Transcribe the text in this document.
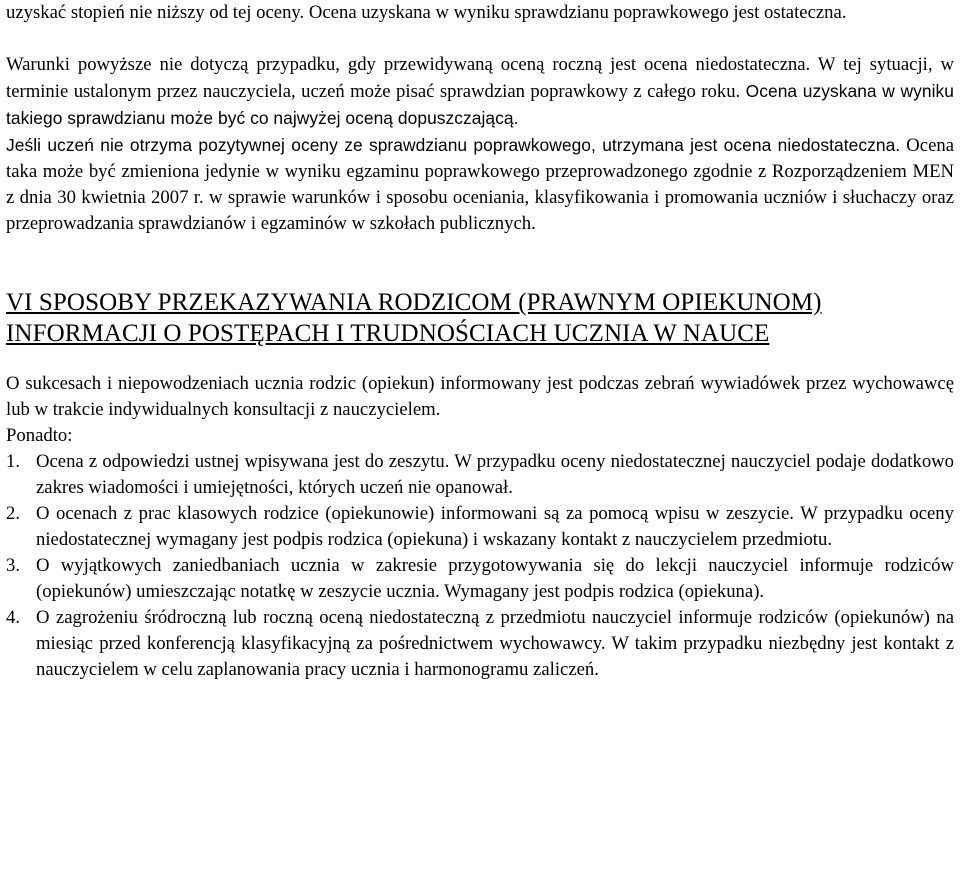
uzyskać stopień nie niższy od tej oceny. Ocena uzyskana w wyniku sprawdzianu poprawkowego jest ostateczna.

Warunki powyższe nie dotyczą przypadku, gdy przewidywaną oceną roczną jest ocena niedostateczna. W tej sytuacji, w terminie ustalonym przez nauczyciela, uczeń może pisać sprawdzian poprawkowy z całego roku. Ocena uzyskana w wyniku takiego sprawdzianu może być co najwyżej oceną dopuszczającą.

Jeśli uczeń nie otrzyma pozytywnej oceny ze sprawdzianu poprawkowego, utrzymana jest ocena niedostateczna. Ocena taka może być zmieniona jedynie w wyniku egzaminu poprawkowego przeprowadzonego zgodnie z Rozporządzeniem MEN z dnia 30 kwietnia 2007 r. w sprawie warunków i sposobu oceniania, klasyfikowania i promowania uczniów i słuchaczy oraz przeprowadzania sprawdzianów i egzaminów w szkołach publicznych.

VI SPOSOBY PRZEKAZYWANIA RODZICOM (PRAWNYM OPIEKUNOM)

INFORMACJI O POSTĘPACH I TRUDNOŚCIACH UCZNIA W NAUCE

O sukcesach i niepowodzeniach ucznia rodzic (opiekun) informowany jest podczas zebrań wywiadówek przez wychowawcę lub w trakcie indywidualnych konsultacji z nauczycielem.

Ponadto:

1. Ocena z odpowiedzi ustnej wpisywana jest do zeszytu. W przypadku oceny niedostatecznej nauczyciel podaje dodatkowo zakres wiadomości i umiejętności, których uczeń nie opanował.
2. O ocenach z prac klasowych rodzice (opiekunowie) informowani są za pomocą wpisu w zeszycie. W przypadku oceny niedostatecznej wymagany jest podpis rodzica (opiekuna) i wskazany kontakt z nauczycielem przedmiotu.
3. O wyjątkowych zaniedbaniach ucznia w zakresie przygotowywania się do lekcji nauczyciel informuje rodziców (opiekunów) umieszczając notatkę w zeszycie ucznia. Wymagany jest podpis rodzica (opiekuna).
4. O zagrożeniu śródroczną lub roczną oceną niedostateczną z przedmiotu nauczyciel informuje rodziców (opiekunów) na miesiąc przed konferencją klasyfikacyjną za pośrednictwem wychowawcy. W takim przypadku niezbędny jest kontakt z nauczycielem w celu zaplanowania pracy ucznia i harmonogramu zaliczeń.
